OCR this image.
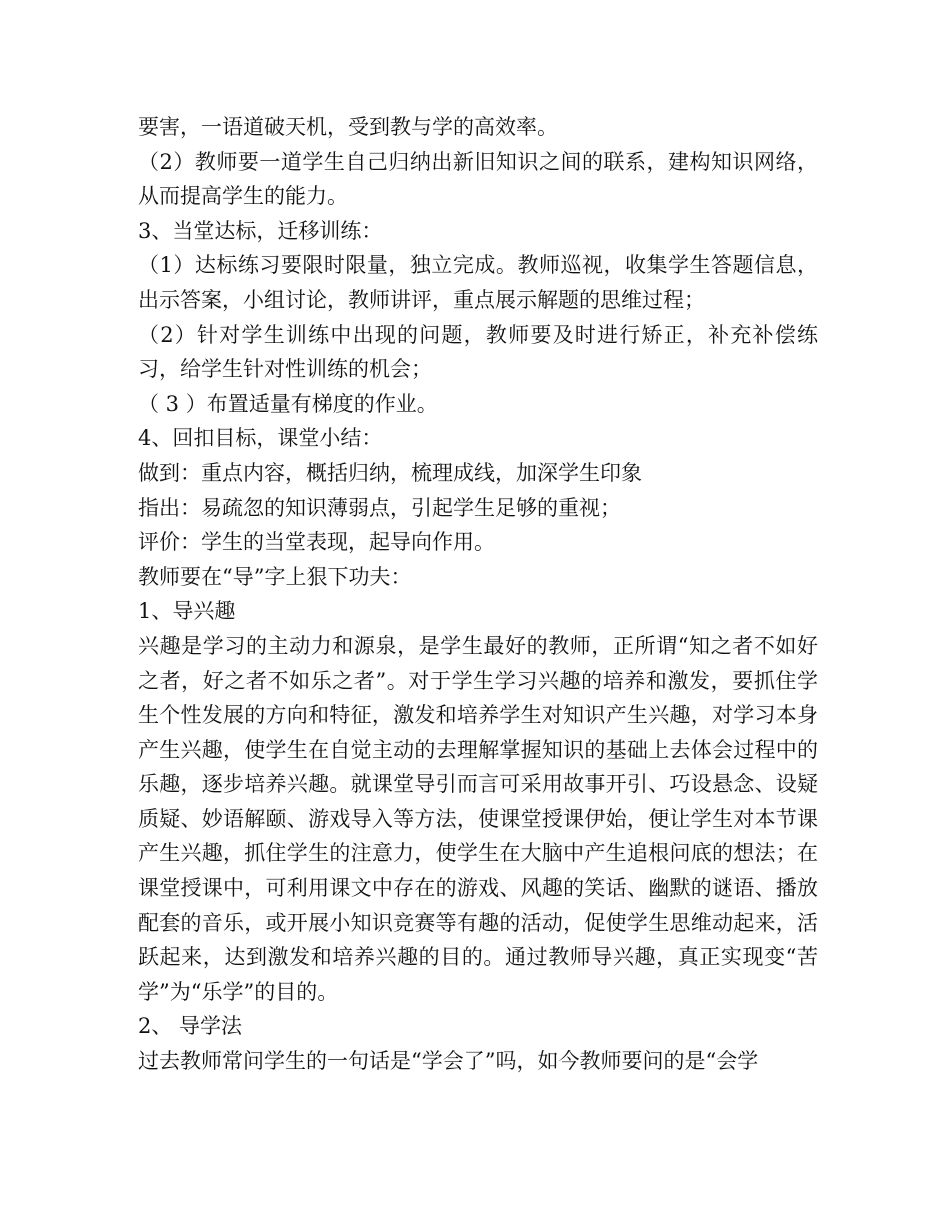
要害，一语道破天机，受到教与学的高效率。

（2）教师要一道学生自己归纳出新旧知识之间的联系，建构知识网络，从而提高学生的能力。

3、当堂达标，迁移训练：

（1）达标练习要限时限量，独立完成。教师巡视，收集学生答题信息，出示答案，小组讨论，教师讲评，重点展示解题的思维过程；

（2）针对学生训练中出现的问题，教师要及时进行矫正，补充补偿练习，给学生针对性训练的机会；

（ 3 ）布置适量有梯度的作业。

4、回扣目标，课堂小结：

做到：重点内容，概括归纳，梳理成线，加深学生印象

指出：易疏忽的知识薄弱点，引起学生足够的重视；

评价：学生的当堂表现，起导向作用。

教师要在“导”字上狠下功夫：

1、导兴趣

兴趣是学习的主动力和源泉，是学生最好的教师，正所谓“知之者不如好之者，好之者不如乐之者”。对于学生学习兴趣的培养和激发，要抓住学生个性发展的方向和特征，激发和培养学生对知识产生兴趣，对学习本身产生兴趣，使学生在自觉主动的去理解掌握知识的基础上去体会过程中的乐趣，逐步培养兴趣。就课堂导引而言可采用故事开引、巧设悬念、设疑质疑、妙语解颐、游戏导入等方法，使课堂授课伊始，便让学生对本节课产生兴趣，抓住学生的注意力，使学生在大脑中产生追根问底的想法；在课堂授课中，可利用课文中存在的游戏、风趣的笑话、幽默的谜语、播放配套的音乐，或开展小知识竞赛等有趣的活动，促使学生思维动起来，活跃起来，达到激发和培养兴趣的目的。通过教师导兴趣，真正实现变“苦学”为“乐学”的目的。

2、 导学法

过去教师常问学生的一句话是“学会了”吗，如今教师要问的是“会学
